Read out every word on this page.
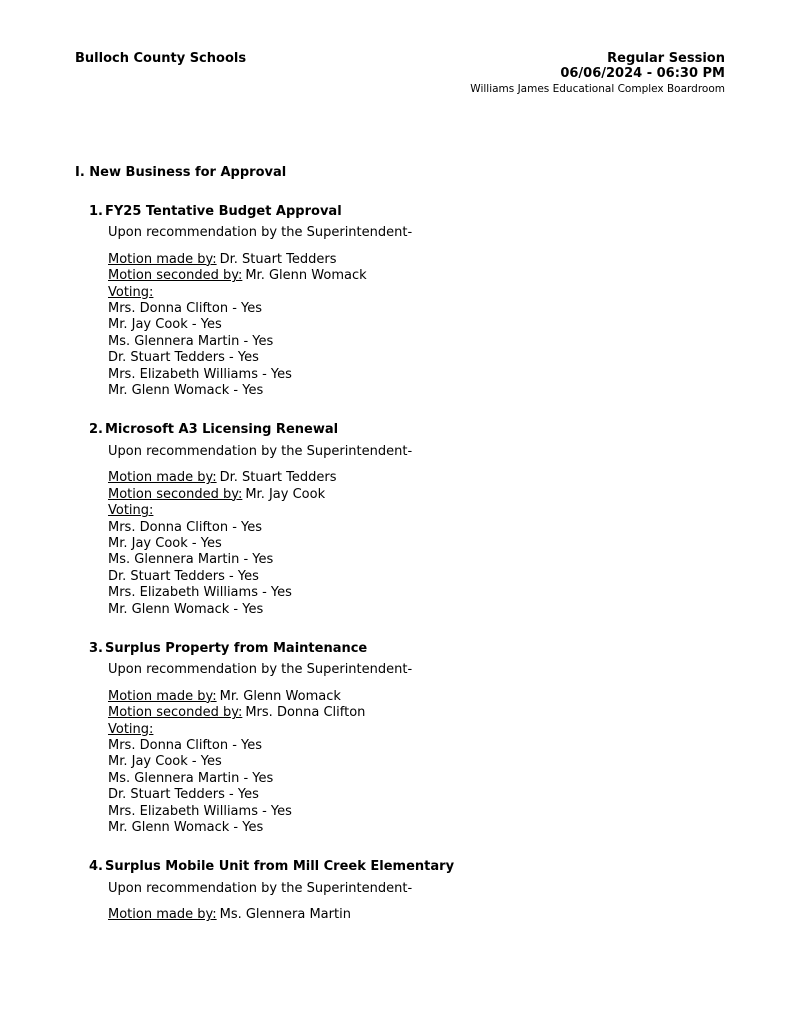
Bulloch County Schools	Regular Session
06/06/2024 - 06:30 PM
Williams James Educational Complex Boardroom
I. New Business for Approval
1. FY25 Tentative Budget Approval
Upon recommendation by the Superintendent-
Motion made by: Dr. Stuart Tedders
Motion seconded by: Mr. Glenn Womack
Voting:
Mrs. Donna Clifton - Yes
Mr. Jay Cook - Yes
Ms. Glennera Martin - Yes
Dr. Stuart Tedders - Yes
Mrs. Elizabeth Williams - Yes
Mr. Glenn Womack - Yes
2. Microsoft A3 Licensing Renewal
Upon recommendation by the Superintendent-
Motion made by: Dr. Stuart Tedders
Motion seconded by: Mr. Jay Cook
Voting:
Mrs. Donna Clifton - Yes
Mr. Jay Cook - Yes
Ms. Glennera Martin - Yes
Dr. Stuart Tedders - Yes
Mrs. Elizabeth Williams - Yes
Mr. Glenn Womack - Yes
3. Surplus Property from Maintenance
Upon recommendation by the Superintendent-
Motion made by: Mr. Glenn Womack
Motion seconded by: Mrs. Donna Clifton
Voting:
Mrs. Donna Clifton - Yes
Mr. Jay Cook - Yes
Ms. Glennera Martin - Yes
Dr. Stuart Tedders - Yes
Mrs. Elizabeth Williams - Yes
Mr. Glenn Womack - Yes
4. Surplus Mobile Unit from Mill Creek Elementary
Upon recommendation by the Superintendent-
Motion made by: Ms. Glennera Martin
